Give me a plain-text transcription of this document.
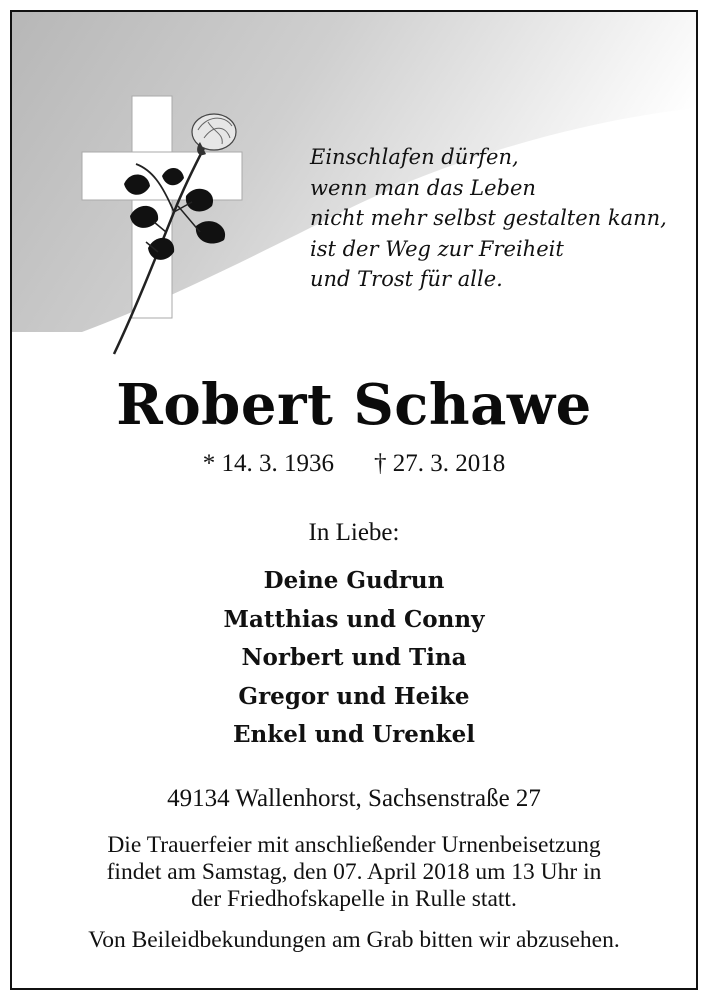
Einschlafen dürfen,
wenn man das Leben
nicht mehr selbst gestalten kann,
ist der Weg zur Freiheit
und Trost für alle.
Robert Schawe
* 14. 3. 1936 † 27. 3. 2018
In Liebe:
Deine Gudrun
Matthias und Conny
Norbert und Tina
Gregor und Heike
Enkel und Urenkel
49134 Wallenhorst, Sachsenstraße 27
Die Trauerfeier mit anschließender Urnenbeisetzung
findet am Samstag, den 07. April 2018 um 13 Uhr in
der Friedhofskapelle in Rulle statt.
Von Beileidbekundungen am Grab bitten wir abzusehen.
